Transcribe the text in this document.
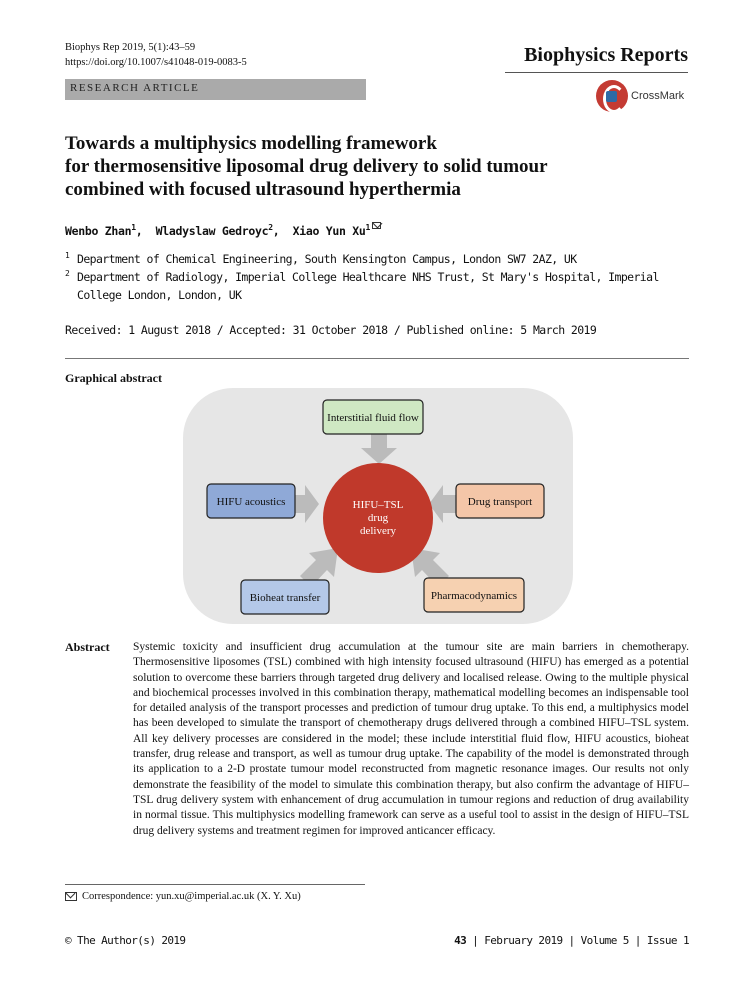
Biophys Rep 2019, 5(1):43–59
https://doi.org/10.1007/s41048-019-0083-5	Biophysics Reports
RESEARCH ARTICLE
CrossMark
Towards a multiphysics modelling framework
for thermosensitive liposomal drug delivery to solid tumour
combined with focused ultrasound hyperthermia
Wenbo Zhan$^1$,  Wladyslaw Gedroyc$^2$,  Xiao Yun Xu$^1$
1 Department of Chemical Engineering, South Kensington Campus, London SW7 2AZ, UK
2 Department of Radiology, Imperial College Healthcare NHS Trust, St Mary's Hospital, Imperial College London, London, UK
Received: 1 August 2018 / Accepted: 31 October 2018 / Published online: 5 March 2019
Graphical abstract
HIFU–TSL
drug
delivery
Interstitial fluid flow
HIFU acoustics	Drug transport
Bioheat transfer	Pharmacodynamics
Abstract Systemic toxicity and insufficient drug accumulation at the tumour site are main barriers in chemotherapy. Thermosensitive liposomes (TSL) combined with high intensity focused ultrasound (HIFU) has emerged as a potential solution to overcome these barriers through targeted drug delivery and localised release. Owing to the multiple physical and biochemical processes involved in this combination therapy, mathematical modelling becomes an indispensable tool for detailed analysis of the transport processes and prediction of tumour drug uptake. To this end, a multiphysics model has been developed to simulate the transport of chemotherapy drugs delivered through a combined HIFU–TSL system. All key delivery processes are considered in the model; these include interstitial fluid flow, HIFU acoustics, bioheat transfer, drug release and transport, as well as tumour drug uptake. The capability of the model is demonstrated through its application to a 2-D prostate tumour model reconstructed from magnetic resonance images. Our results not only demonstrate the feasibility of the model to simulate this combination therapy, but also confirm the advantage of HIFU–TSL drug delivery system with enhancement of drug accumulation in tumour regions and reduction of drug availability in normal tissue. This multiphysics modelling framework can serve as a useful tool to assist in the design of HIFU–TSL drug delivery systems and treatment regimen for improved anticancer efficacy.
Correspondence: yun.xu@imperial.ac.uk (X. Y. Xu)
© The Author(s) 2019	43 | February 2019 | Volume 5 | Issue 1
